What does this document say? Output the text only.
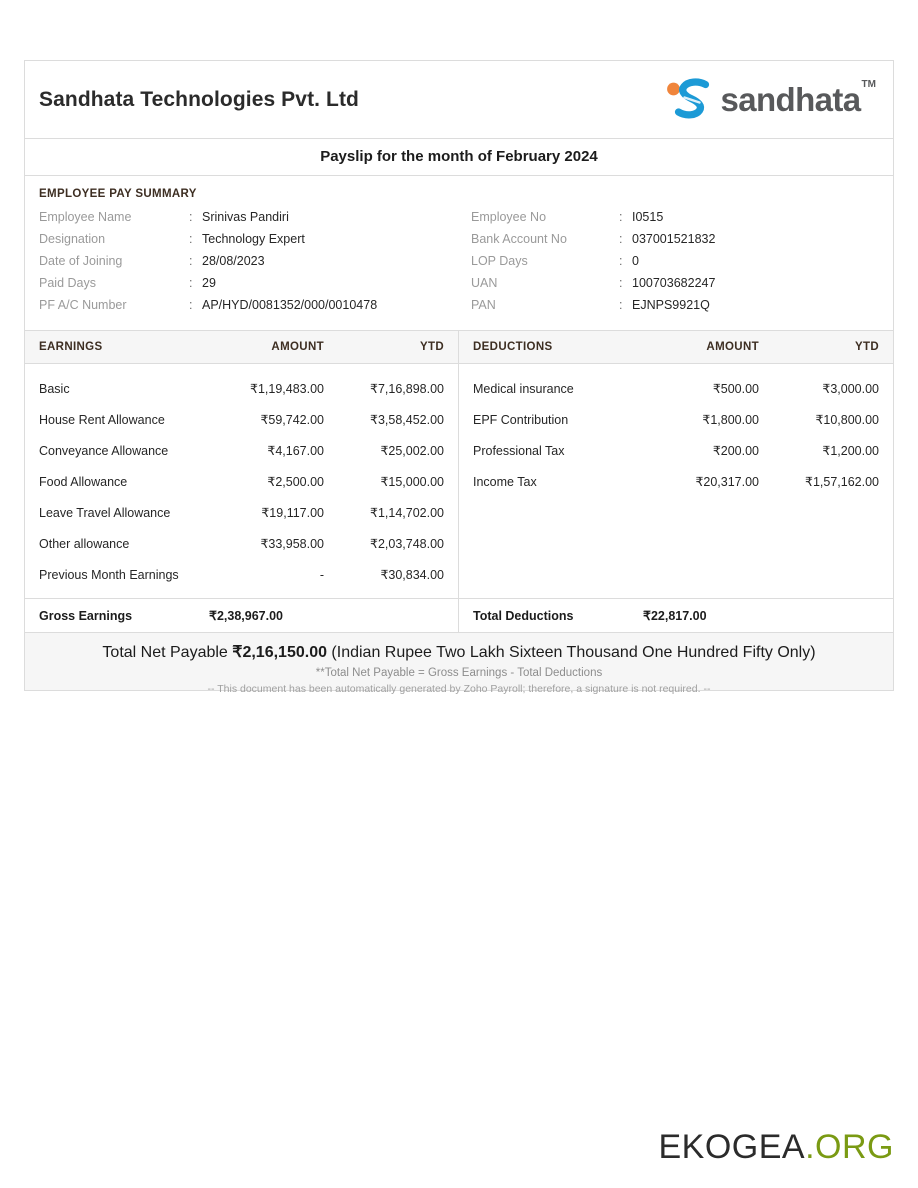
Sandhata Technologies Pvt. Ltd	sandhata™
Payslip for the month of February 2024
EMPLOYEE PAY SUMMARY
Employee Name	: Srinivas Pandiri
Designation	: Technology Expert
Date of Joining	: 28/08/2023
Paid Days	: 29
PF A/C Number	: AP/HYD/0081352/000/0010478
Employee No	: I0515
Bank Account No	: 037001521832
LOP Days	: 0
UAN	: 100703682247
PAN	: EJNPS9921Q
EARNINGS	AMOUNT	YTD	DEDUCTIONS	AMOUNT	YTD
Basic	₹1,19,483.00	₹7,16,898.00
House Rent Allowance	₹59,742.00	₹3,58,452.00
Conveyance Allowance	₹4,167.00	₹25,002.00
Food Allowance	₹2,500.00	₹15,000.00
Leave Travel Allowance	₹19,117.00	₹1,14,702.00
Other allowance	₹33,958.00	₹2,03,748.00
Previous Month Earnings	-	₹30,834.00
Medical insurance	₹500.00	₹3,000.00
EPF Contribution	₹1,800.00	₹10,800.00
Professional Tax	₹200.00	₹1,200.00
Income Tax	₹20,317.00	₹1,57,162.00
Gross Earnings	₹2,38,967.00	Total Deductions	₹22,817.00
Total Net Payable ₹2,16,150.00 (Indian Rupee Two Lakh Sixteen Thousand One Hundred Fifty Only)
**Total Net Payable = Gross Earnings - Total Deductions
-- This document has been automatically generated by Zoho Payroll; therefore, a signature is not required. --
EKOGEA.ORG
